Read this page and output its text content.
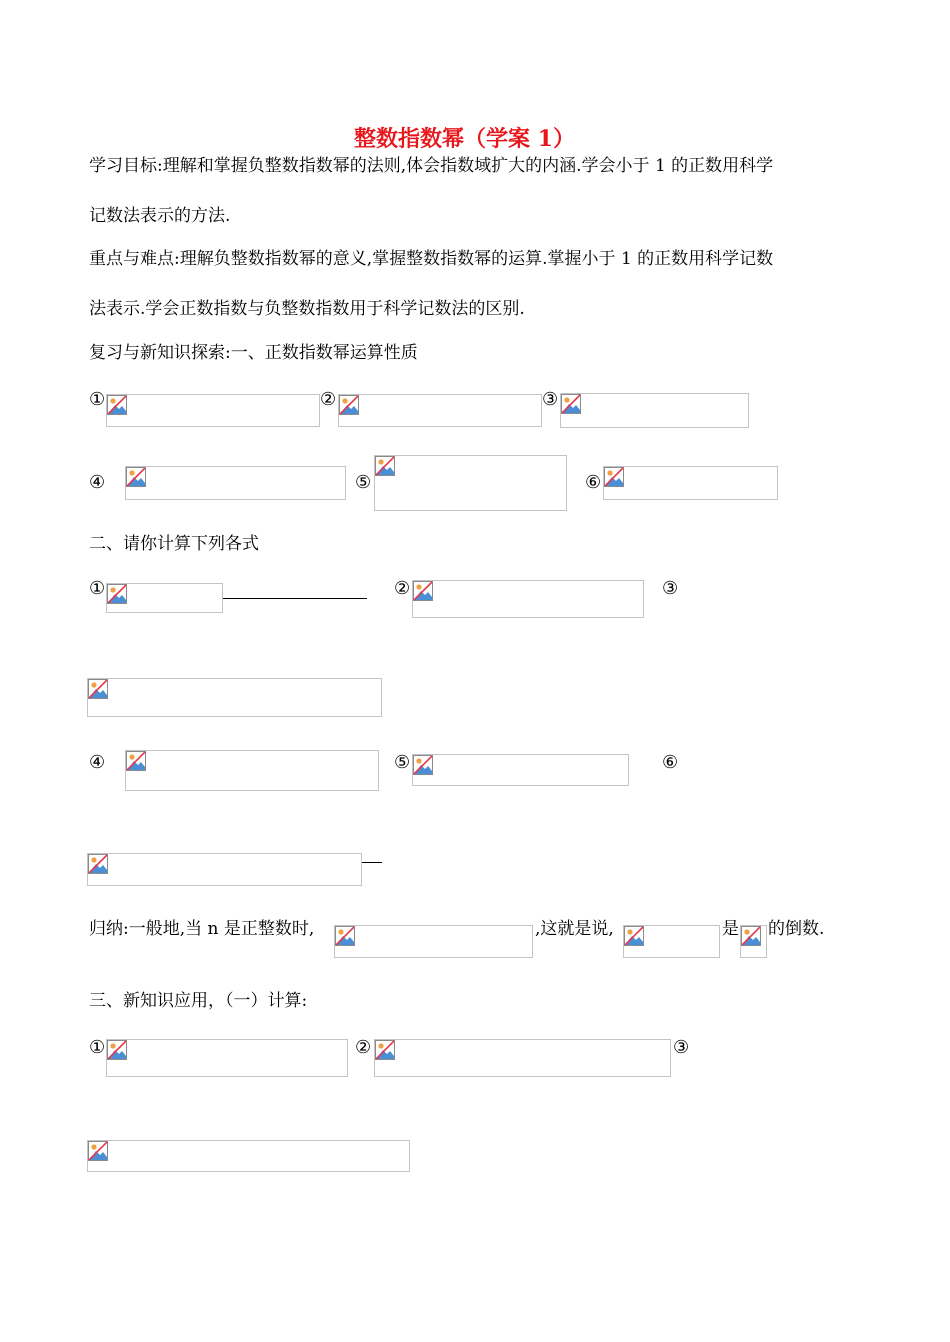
整数指数幂（学案 1）
学习目标:理解和掌握负整数指数幂的法则,体会指数域扩大的内涵.学会小于 1 的正数用科学
记数法表示的方法.
重点与难点:理解负整数指数幂的意义,掌握整数指数幂的运算.掌握小于 1 的正数用科学记数
法表示.学会正数指数与负整数指数用于科学记数法的区别.
复习与新知识探索:一、正数指数幂运算性质
①	②	③
④	⑤	⑥
二、请你计算下列各式
①	②	③
④	⑤	⑥
归纳:一般地,当 n 是正整数时,	,这就是说,	是 的倒数.
三、新知识应用，（一）计算:
①	②	③
